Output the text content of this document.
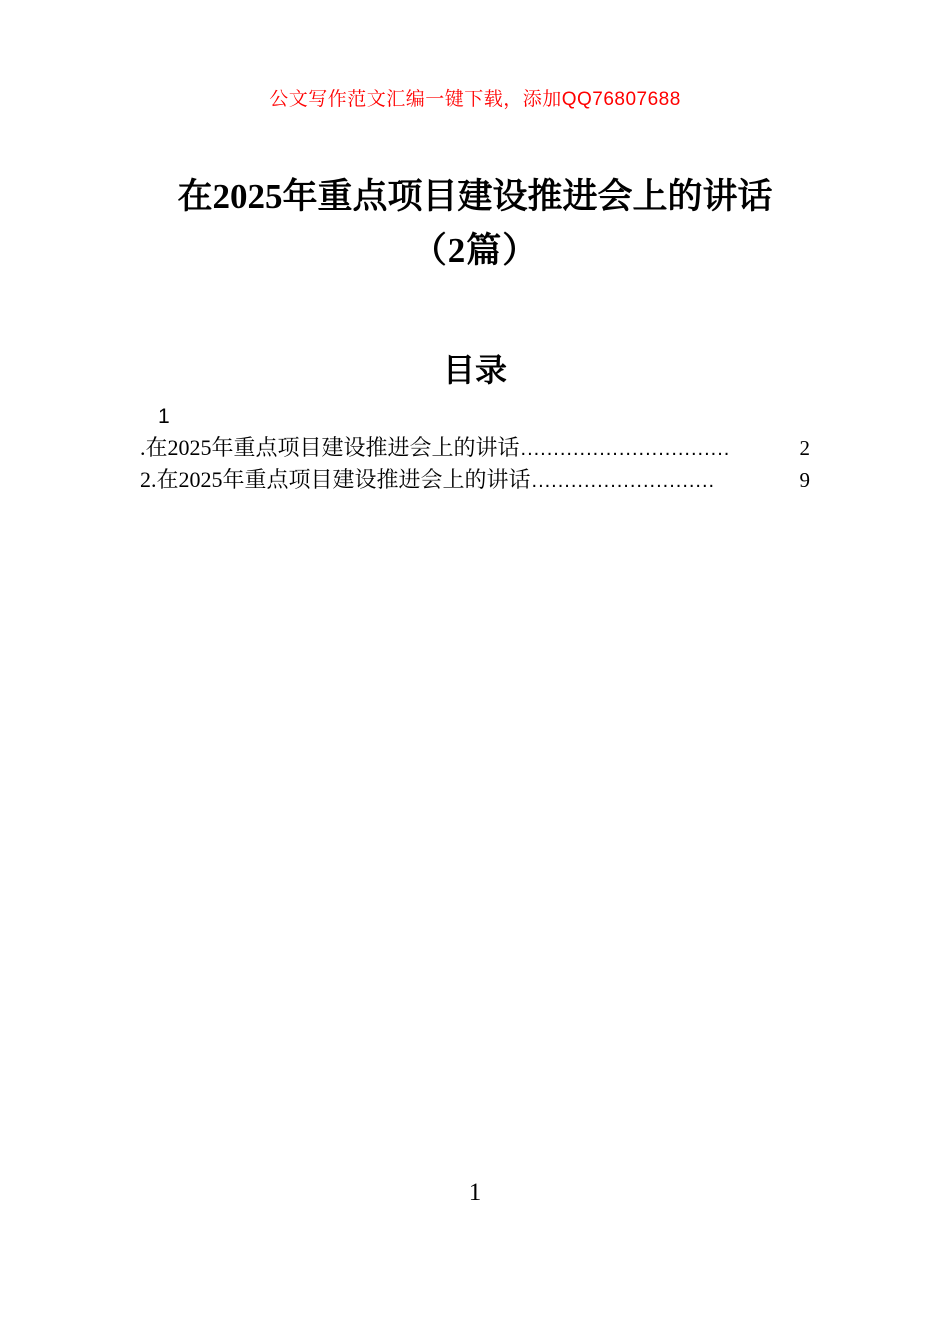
公文写作范文汇编一键下载，添加QQ76807688
在2025年重点项目建设推进会上的讲话
（2篇）
目录
1
.在2025年重点项目建设推进会上的讲话 ................................	2
2.在2025年重点项目建设推进会上的讲话 ............................	9
1
